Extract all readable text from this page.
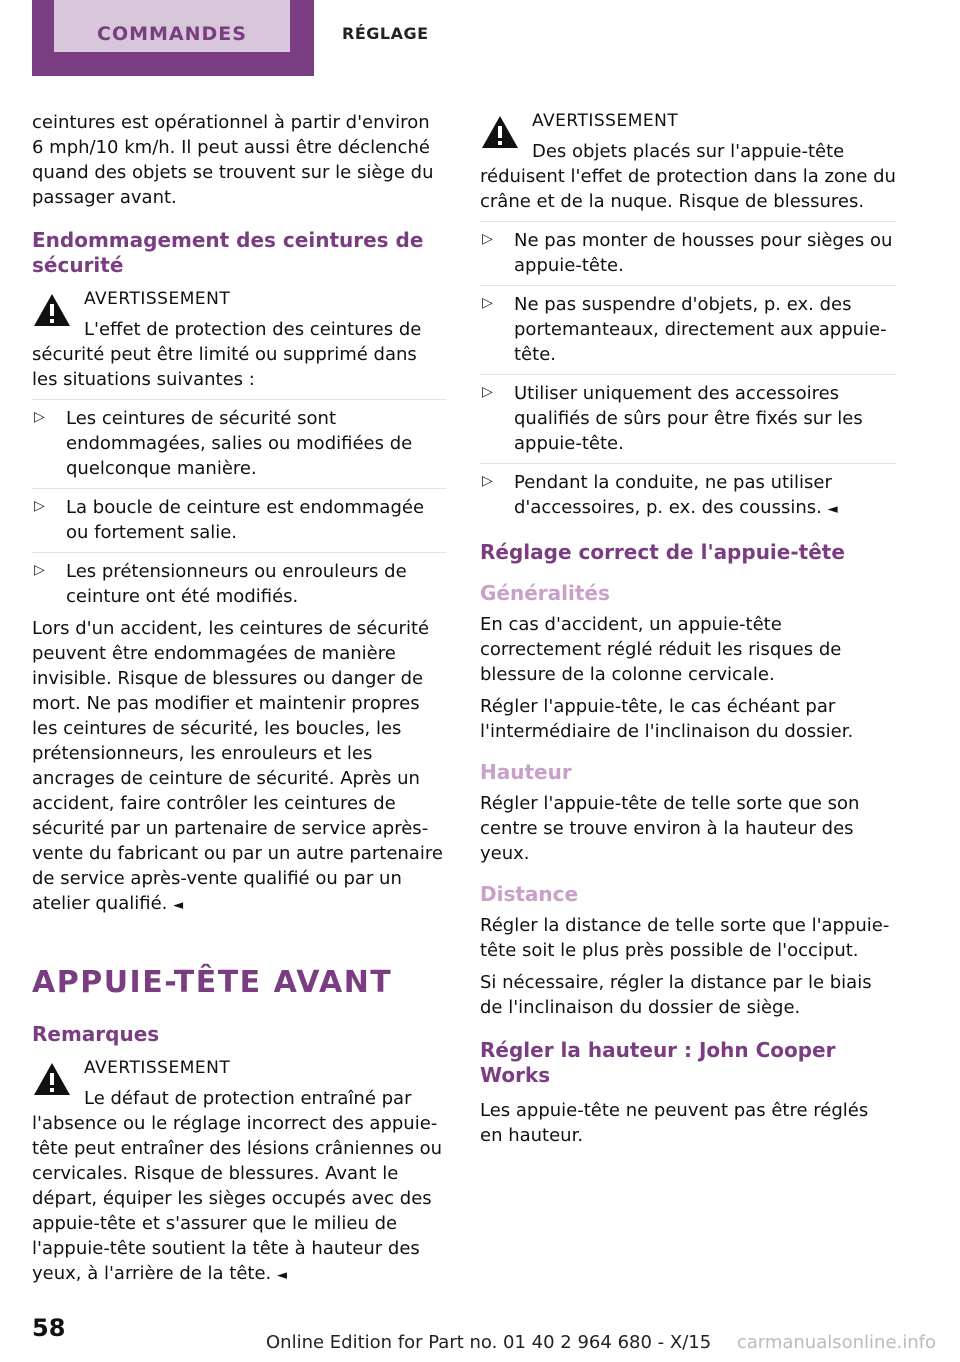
COMMANDES	RÉGLAGE

ceintures est opérationnel à partir d'environ 6 mph/10 km/h. Il peut aussi être déclenché quand des objets se trouvent sur le siège du passager avant.

Endommagement des ceintures de sécurité
AVERTISSEMENT

L'effet de protection des ceintures de sécurité peut être limité ou supprimé dans les situations suivantes :

▷ Les ceintures de sécurité sont endommagées, salies ou modifiées de quelconque manière.
▷ La boucle de ceinture est endommagée ou fortement salie.
▷ Les prétensionneurs ou enrouleurs de ceinture ont été modifiés.

Lors d'un accident, les ceintures de sécurité peuvent être endommagées de manière invisible. Risque de blessures ou danger de mort. Ne pas modifier et maintenir propres les ceintures de sécurité, les boucles, les prétensionneurs, les enrouleurs et les ancrages de ceinture de sécurité. Après un accident, faire contrôler les ceintures de sécurité par un partenaire de service après-vente du fabricant ou par un autre partenaire de service après-vente qualifié ou par un atelier qualifié. ◄

APPUIE-TÊTE AVANT
Remarques
AVERTISSEMENT

Le défaut de protection entraîné par l'absence ou le réglage incorrect des appuie-tête peut entraîner des lésions crâniennes ou cervicales. Risque de blessures. Avant le départ, équiper les sièges occupés avec des appuie-tête et s'assurer que le milieu de l'appuie-tête soutient la tête à hauteur des yeux, à l'arrière de la tête. ◄

AVERTISSEMENT

Des objets placés sur l'appuie-tête réduisent l'effet de protection dans la zone du crâne et de la nuque. Risque de blessures.

▷ Ne pas monter de housses pour sièges ou appuie-tête.
▷ Ne pas suspendre d'objets, p. ex. des portemanteaux, directement aux appuie-tête.
▷ Utiliser uniquement des accessoires qualifiés de sûrs pour être fixés sur les appuie-tête.
▷ Pendant la conduite, ne pas utiliser d'accessoires, p. ex. des coussins. ◄
Réglage correct de l'appuie-tête
Généralités

En cas d'accident, un appuie-tête correctement réglé réduit les risques de blessure de la colonne cervicale.

Régler l'appuie-tête, le cas échéant par l'intermédiaire de l'inclinaison du dossier.

Hauteur

Régler l'appuie-tête de telle sorte que son centre se trouve environ à la hauteur des yeux.

Distance

Régler la distance de telle sorte que l'appuie-tête soit le plus près possible de l'occiput.

Si nécessaire, régler la distance par le biais de l'inclinaison du dossier de siège.

Régler la hauteur : John Cooper Works

Les appuie-tête ne peuvent pas être réglés en hauteur.

58
Online Edition for Part no. 01 40 2 964 680 - X/15 carmanualsonline.info
